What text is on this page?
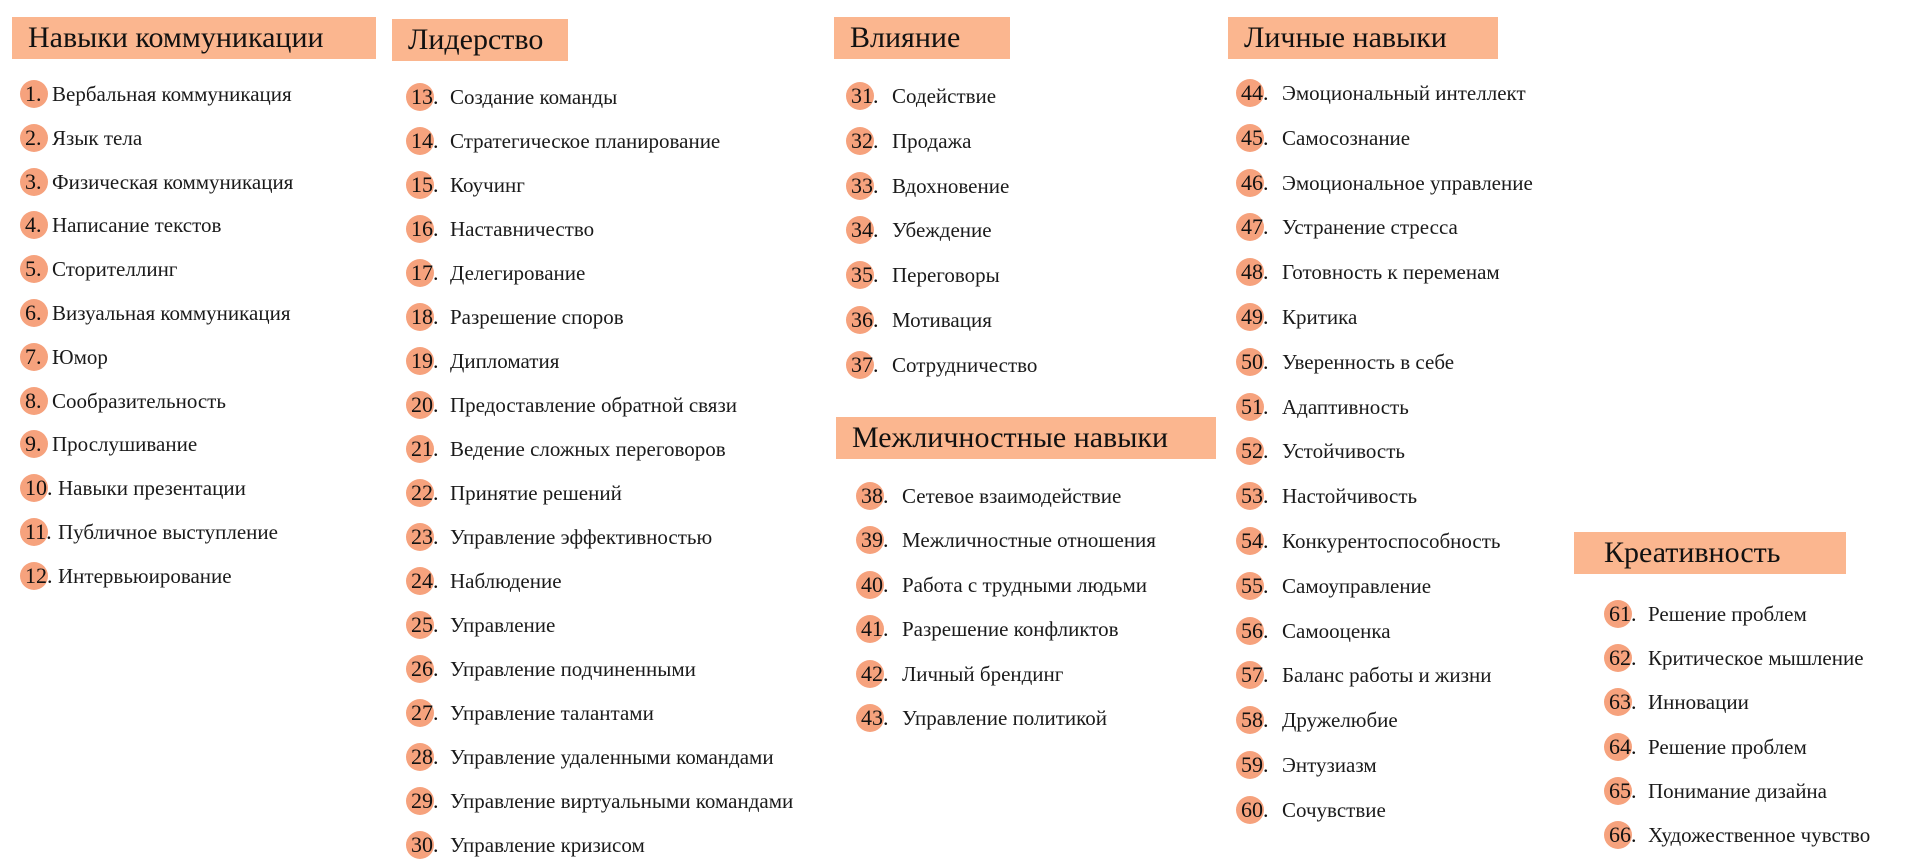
Навыки коммуникации	Лидерство	Влияние
Межличностные навыки
Личные навыки
Креативность
1. Вербальная коммуникация
2. Язык тела
3. Физическая коммуникация
4. Написание текстов
5. Сторителлинг
6. Визуальная коммуникация
7. Юмор
8. Сообразительность
9. Прослушивание
10. Навыки презентации
11. Публичное выступление
12. Интервьюирование
13. Создание команды
14. Стратегическое планирование
15. Коучинг
16. Наставничество
17. Делегирование
18. Разрешение споров
19. Дипломатия
20. Предоставление обратной связи
21. Ведение сложных переговоров
22. Принятие решений
23. Управление эффективностью
24. Наблюдение
25. Управление
26. Управление подчиненными
27. Управление талантами
28. Управление удаленными командами
29. Управление виртуальными командами
30. Управление кризисом
31. Содействие
32. Продажа
33. Вдохновение
34. Убеждение
35. Переговоры
36. Мотивация
37. Сотрудничество
38. Сетевое взаимодействие
39. Межличностные отношения
40. Работа с трудными людьми
41. Разрешение конфликтов
42. Личный брендинг
43. Управление политикой
44. Эмоциональный интеллект
45. Самосознание
46. Эмоциональное управление
47. Устранение стресса
48. Готовность к переменам
49. Критика
50. Уверенность в себе
51. Адаптивность
52. Устойчивость
53. Настойчивость
54. Конкурентоспособность
55. Самоуправление
56. Самооценка
57. Баланс работы и жизни
58. Дружелюбие
59. Энтузиазм
60. Сочувствие
61. Решение проблем
62. Критическое мышление
63. Инновации
64. Решение проблем
65. Понимание дизайна
66. Художественное чувство
